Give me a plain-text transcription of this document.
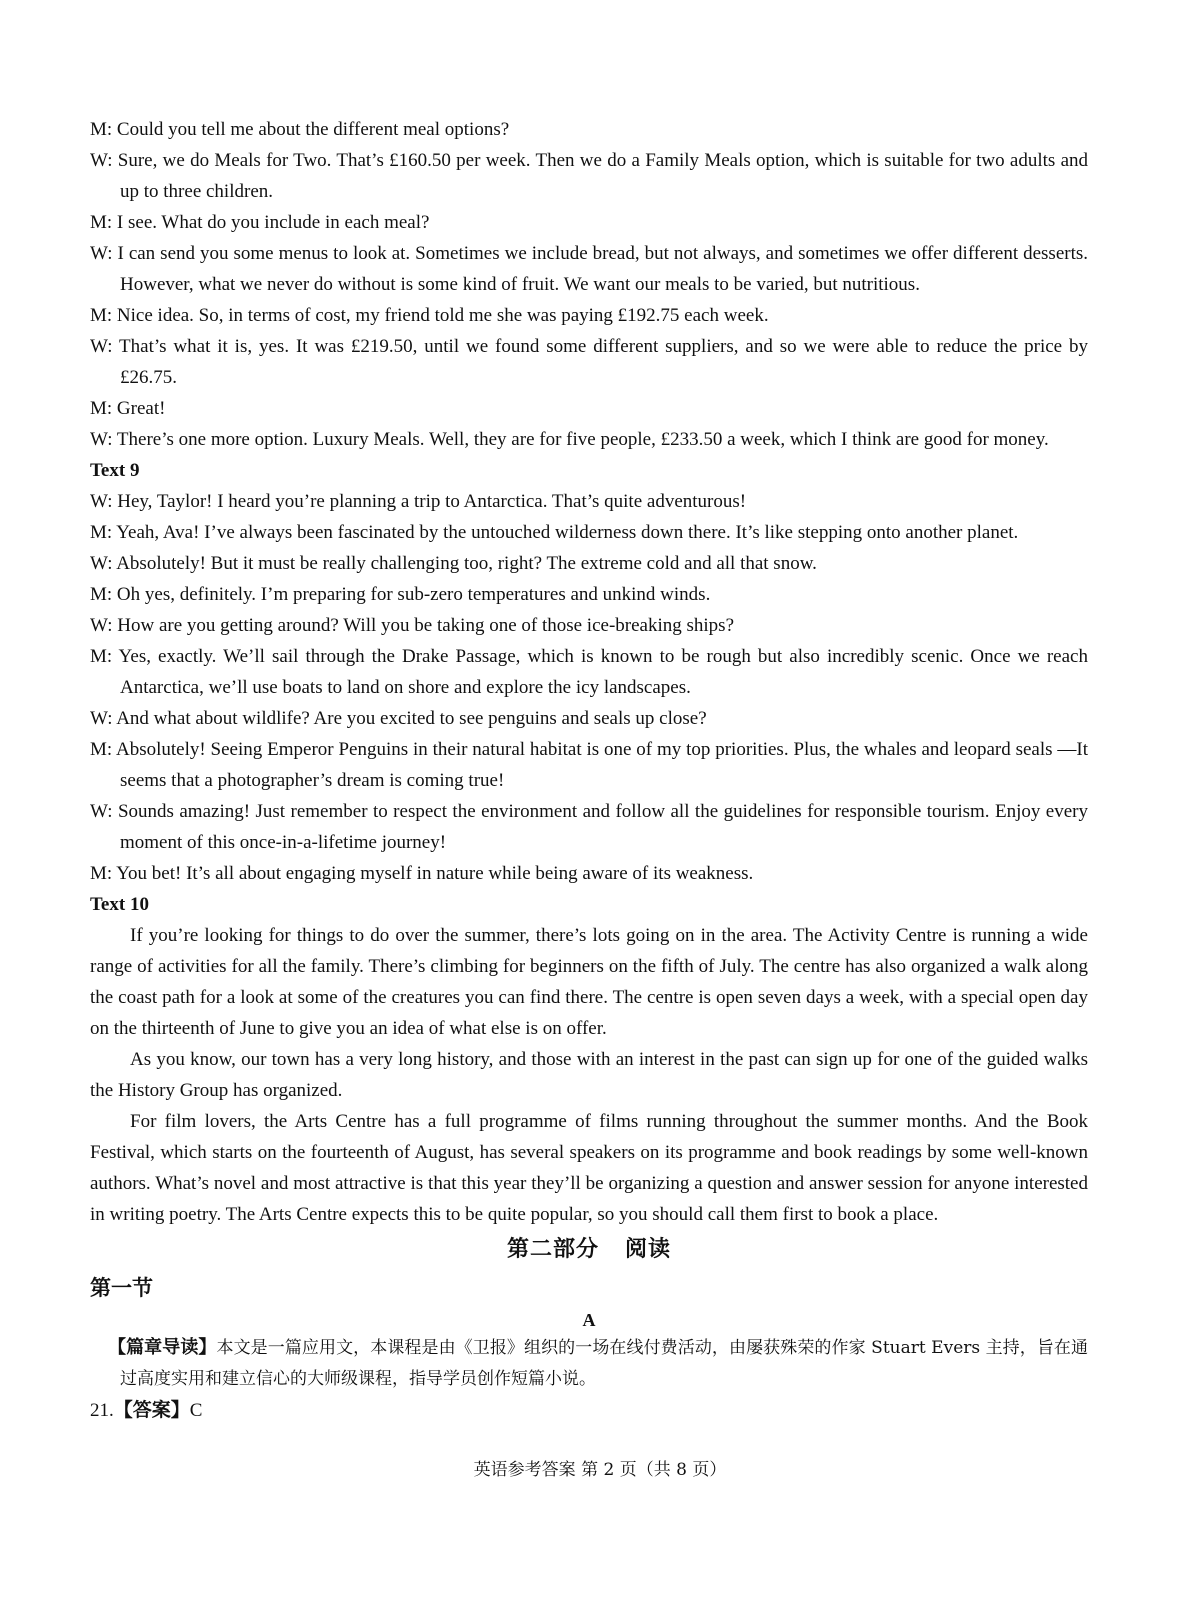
M: Could you tell me about the different meal options?

W: Sure, we do Meals for Two. That’s £160.50 per week. Then we do a Family Meals option, which is suitable for two adults and up to three children.

M: I see. What do you include in each meal?

W: I can send you some menus to look at. Sometimes we include bread, but not always, and sometimes we offer different desserts. However, what we never do without is some kind of fruit. We want our meals to be varied, but nutritious.

M: Nice idea. So, in terms of cost, my friend told me she was paying £192.75 each week.

W: That’s what it is, yes. It was £219.50, until we found some different suppliers, and so we were able to reduce the price by £26.75.

M: Great!

W: There’s one more option. Luxury Meals. Well, they are for five people, £233.50 a week, which I think are good for money.

Text 9

W: Hey, Taylor! I heard you’re planning a trip to Antarctica. That’s quite adventurous!

M: Yeah, Ava! I’ve always been fascinated by the untouched wilderness down there. It’s like stepping onto another planet.

W: Absolutely! But it must be really challenging too, right? The extreme cold and all that snow.

M: Oh yes, definitely. I’m preparing for sub-zero temperatures and unkind winds.

W: How are you getting around? Will you be taking one of those ice-breaking ships?

M: Yes, exactly. We’ll sail through the Drake Passage, which is known to be rough but also incredibly scenic. Once we reach Antarctica, we’ll use boats to land on shore and explore the icy landscapes.

W: And what about wildlife? Are you excited to see penguins and seals up close?

M: Absolutely! Seeing Emperor Penguins in their natural habitat is one of my top priorities. Plus, the whales and leopard seals —It seems that a photographer’s dream is coming true!

W: Sounds amazing! Just remember to respect the environment and follow all the guidelines for responsible tourism. Enjoy every moment of this once-in-a-lifetime journey!

M: You bet! It’s all about engaging myself in nature while being aware of its weakness.

Text 10

If you’re looking for things to do over the summer, there’s lots going on in the area. The Activity Centre is running a wide range of activities for all the family. There’s climbing for beginners on the fifth of July. The centre has also organized a walk along the coast path for a look at some of the creatures you can find there. The centre is open seven days a week, with a special open day on the thirteenth of June to give you an idea of what else is on offer.

As you know, our town has a very long history, and those with an interest in the past can sign up for one of the guided walks the History Group has organized.

For film lovers, the Arts Centre has a full programme of films running throughout the summer months. And the Book Festival, which starts on the fourteenth of August, has several speakers on its programme and book readings by some well-known authors. What’s novel and most attractive is that this year they’ll be organizing a question and answer session for anyone interested in writing poetry. The Arts Centre expects this to be quite popular, so you should call them first to book a place.

第二部分 阅读
第一节
A
【篇章导读】本文是一篇应用文，本课程是由《卫报》组织的一场在线付费活动，由屡获殊荣的作家 Stuart Evers 主持，旨在通过高度实用和建立信心的大师级课程，指导学员创作短篇小说。
21.【答案】C
英语参考答案 第 2 页（共 8 页）
